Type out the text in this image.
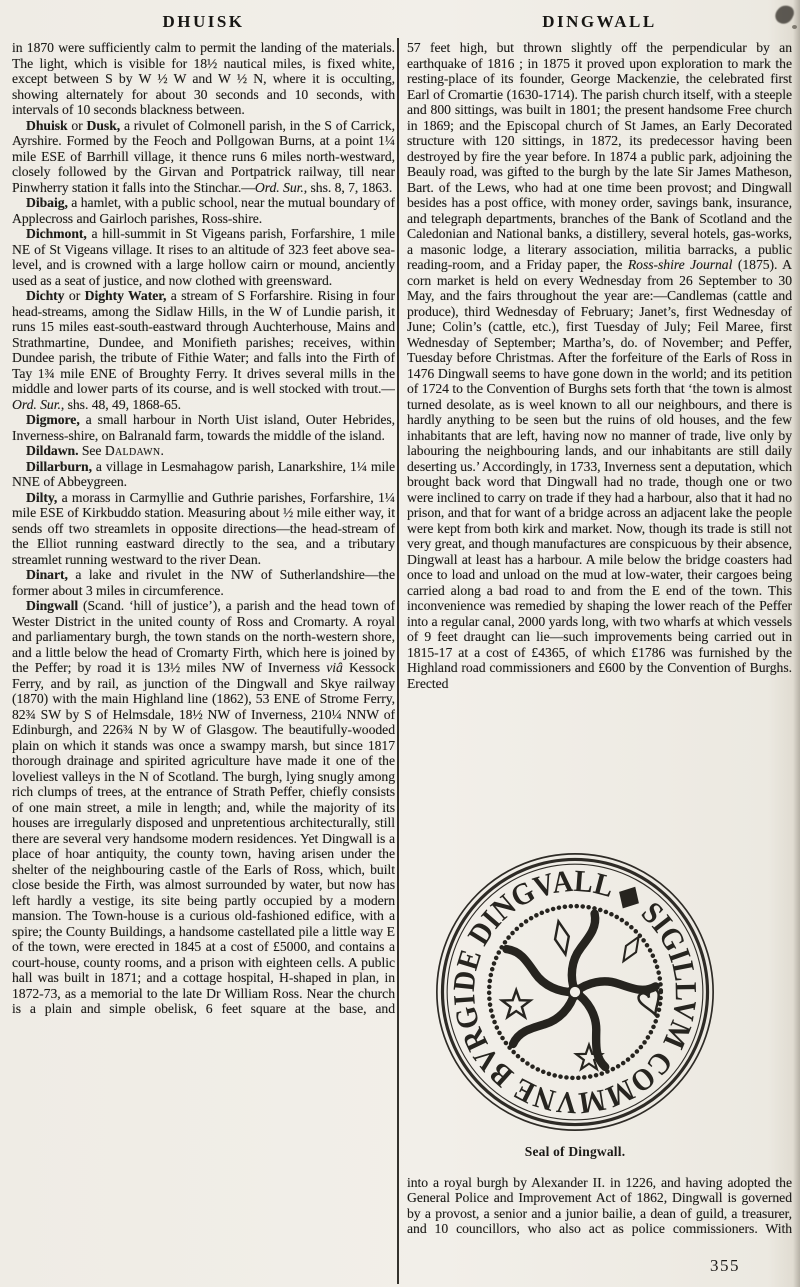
DHUISK	DINGWALL

in 1870 were sufficiently calm to permit the landing of the materials. The light, which is visible for 18½ nautical miles, is fixed white, except between S by W ½ W and W ½ N, where it is occulting, showing alternately for about 30 seconds and 10 seconds, with intervals of 10 seconds blackness between.

Dhuisk or Dusk, a rivulet of Colmonell parish, in the S of Carrick, Ayrshire. Formed by the Feoch and Pollgowan Burns, at a point 1¼ mile ESE of Barrhill village, it thence runs 6 miles north-westward, closely followed by the Girvan and Portpatrick railway, till near Pinwherry station it falls into the Stinchar.—Ord. Sur., shs. 8, 7, 1863.

Dibaig, a hamlet, with a public school, near the mutual boundary of Applecross and Gairloch parishes, Ross-shire.

Dichmont, a hill-summit in St Vigeans parish, Forfarshire, 1 mile NE of St Vigeans village. It rises to an altitude of 323 feet above sea-level, and is crowned with a large hollow cairn or mound, anciently used as a seat of justice, and now clothed with greensward.

Dichty or Dighty Water, a stream of S Forfarshire. Rising in four head-streams, among the Sidlaw Hills, in the W of Lundie parish, it runs 15 miles east-south-eastward through Auchterhouse, Mains and Strathmartine, Dundee, and Monifieth parishes; receives, within Dundee parish, the tribute of Fithie Water; and falls into the Firth of Tay 1¾ mile ENE of Broughty Ferry. It drives several mills in the middle and lower parts of its course, and is well stocked with trout.—Ord. Sur., shs. 48, 49, 1868-65.

Digmore, a small harbour in North Uist island, Outer Hebrides, Inverness-shire, on Balranald farm, towards the middle of the island.

Dildawn. See Daldawn.

Dillarburn, a village in Lesmahagow parish, Lanarkshire, 1¼ mile NNE of Abbeygreen.

Dilty, a morass in Carmyllie and Guthrie parishes, Forfarshire, 1¼ mile ESE of Kirkbuddo station. Measuring about ½ mile either way, it sends off two streamlets in opposite directions—the head-stream of the Elliot running eastward directly to the sea, and a tributary streamlet running westward to the river Dean.

Dinart, a lake and rivulet in the NW of Sutherlandshire—the former about 3 miles in circumference.

Dingwall (Scand. ‘hill of justice’), a parish and the head town of Wester District in the united county of Ross and Cromarty. A royal and parliamentary burgh, the town stands on the north-western shore, and a little below the head of Cromarty Firth, which here is joined by the Peffer; by road it is 13½ miles NW of Inverness viâ Kessock Ferry, and by rail, as junction of the Dingwall and Skye railway (1870) with the main Highland line (1862), 53 ENE of Strome Ferry, 82¾ SW by S of Helmsdale, 18½ NW of Inverness, 210¼ NNW of Edinburgh, and 226¾ N by W of Glasgow. The beautifully-wooded plain on which it stands was once a swampy marsh, but since 1817 thorough drainage and spirited agriculture have made it one of the loveliest valleys in the N of Scotland. The burgh, lying snugly among rich clumps of trees, at the entrance of Strath Peffer, chiefly consists of one main street, a mile in length; and, while the majority of its houses are irregularly disposed and unpretentious architecturally, still there are several very handsome modern residences. Yet Dingwall is a place of hoar antiquity, the county town, having arisen under the shelter of the neighbouring castle of the Earls of Ross, which, built close beside the Firth, was almost surrounded by water, but now has left hardly a vestige, its site being partly occupied by a modern mansion. The Town-house is a curious old-fashioned edifice, with a spire; the County Buildings, a handsome castellated pile a little way E of the town, were erected in 1845 at a cost of £5000, and contains a court-house, county rooms, and a prison with eighteen cells. A public hall was built in 1871; and a cottage hospital, H-shaped in plan, in 1872-73, as a memorial to the late Dr William Ross. Near the church is a plain and simple obelisk, 6 feet square at the base, and

57 feet high, but thrown slightly off the perpendicular by an earthquake of 1816 ; in 1875 it proved upon exploration to mark the resting-place of its founder, George Mackenzie, the celebrated first Earl of Cromartie (1630-1714). The parish church itself, with a steeple and 800 sittings, was built in 1801; the present handsome Free church in 1869; and the Episcopal church of St James, an Early Decorated structure with 120 sittings, in 1872, its predecessor having been destroyed by fire the year before. In 1874 a public park, adjoining the Beauly road, was gifted to the burgh by the late Sir James Matheson, Bart. of the Lews, who had at one time been provost; and Dingwall besides has a post office, with money order, savings bank, insurance, and telegraph departments, branches of the Bank of Scotland and the Caledonian and National banks, a distillery, several hotels, gas-works, a masonic lodge, a literary association, militia barracks, a public reading-room, and a Friday paper, the Ross-shire Journal (1875). A corn market is held on every Wednesday from 26 September to 30 May, and the fairs throughout the year are:—Candlemas (cattle and produce), third Wednesday of February; Janet’s, first Wednesday of June; Colin’s (cattle, etc.), first Tuesday of July; Feil Maree, first Wednesday of September; Martha’s, do. of November; and Peffer, Tuesday before Christmas. After the forfeiture of the Earls of Ross in 1476 Dingwall seems to have gone down in the world; and its petition of 1724 to the Convention of Burghs sets forth that ‘the town is almost turned desolate, as is weel known to all our neighbours, and there is hardly anything to be seen but the ruins of old houses, and the few inhabitants that are left, having now no manner of trade, live only by labouring the neighbouring lands, and our inhabitants are still daily deserting us.’ Accordingly, in 1733, Inverness sent a deputation, which brought back word that Dingwall had no trade, though one or two were inclined to carry on trade if they had a harbour, also that it had no prison, and that for want of a bridge across an adjacent lake the people were kept from both kirk and market. Now, though its trade is still not very great, and though manufactures are conspicuous by their absence, Dingwall at least has a harbour. A mile below the bridge coasters had once to load and unload on the mud at low-water, their cargoes being carried along a bad road to and from the E end of the town. This inconvenience was remedied by shaping the lower reach of the Peffer into a regular canal, 2000 yards long, with two wharfs at which vessels of 9 feet draught can lie—such improvements being carried out in 1815-17 at a cost of £4365, of which £1786 was furnished by the Highland road commissioners and £600 by the Convention of Burghs. Erected

DE DINGVALL ◆ SIGILLVM COMMVNE BVRGI
Seal of Dingwall.

into a royal burgh by Alexander II. in 1226, and having adopted the General Police and Improvement Act of 1862, Dingwall is governed by a provost, a senior and a junior bailie, a dean of guild, a treasurer, and 10 councillors, who also act as police commissioners. With

355
